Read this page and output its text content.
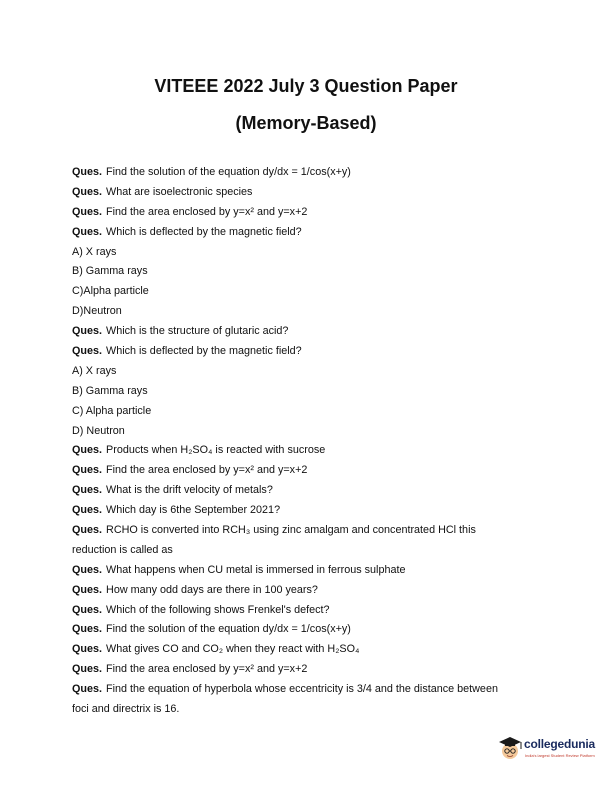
VITEEE 2022 July 3 Question Paper
(Memory-Based)
Ques. Find the solution of the equation dy/dx = 1/cos(x+y)
Ques. What are isoelectronic species
Ques. Find the area enclosed by y=x² and y=x+2
Ques. Which is deflected by the magnetic field?
A) X rays
B) Gamma rays
C)Alpha particle
D)Neutron
Ques. Which is the structure of glutaric acid?
Ques. Which is deflected by the magnetic field?
A) X rays
B) Gamma rays
C) Alpha particle
D) Neutron
Ques. Products when H₂SO₄ is reacted with sucrose
Ques. Find the area enclosed by y=x² and y=x+2
Ques. What is the drift velocity of metals?
Ques. Which day is 6the September 2021?
Ques. RCHO is converted into RCH₃ using zinc amalgam and concentrated HCl this
reduction is called as
Ques. What happens when CU metal is immersed in ferrous sulphate
Ques. How many odd days are there in 100 years?
Ques. Which of the following shows Frenkel's defect?
Ques. Find the solution of the equation dy/dx = 1/cos(x+y)
Ques. What gives CO and CO₂ when they react with H₂SO₄
Ques. Find the area enclosed by y=x² and y=x+2
Ques. Find the equation of hyperbola whose eccentricity is 3/4 and the distance between
foci and directrix is 16.
collegedunia
India's largest Student Review Platform
